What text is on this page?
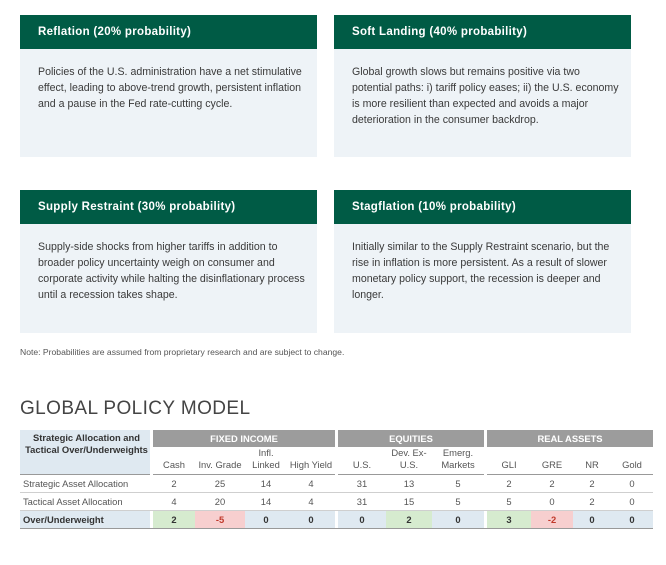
Reflation (20% probability)
Policies of the U.S. administration have a net stimulative effect, leading to above-trend growth, persistent inflation and a pause in the Fed rate-cutting cycle.
Soft Landing (40% probability)
Global growth slows but remains positive via two potential paths: i) tariff policy eases; ii) the U.S. economy is more resilient than expected and avoids a major deterioration in the consumer backdrop.
Supply Restraint (30% probability)
Supply-side shocks from higher tariffs in addition to broader policy uncertainty weigh on consumer and corporate activity while halting the disinflationary process until a recession takes shape.
Stagflation (10% probability)
Initially similar to the Supply Restraint scenario, but the rise in inflation is more persistent. As a result of slower monetary policy support, the recession is deeper and longer.
Note: Probabilities are assumed from proprietary research and are subject to change.
GLOBAL POLICY MODEL
Strategic Allocation and Tactical Over/Underweights		FIXED INCOME					EQUITIES				REAL ASSETS			
		Cash	Inv. Grade	Infl. Linked	High Yield		U.S.	Dev. Ex-U.S.	Emerg. Markets		GLI	GRE	NR	Gold
Strategic Asset Allocation		2	25	14	4		31	13	5		2	2	2	0
Tactical Asset Allocation		4	20	14	4		31	15	5		5	0	2	0
Over/Underweight		2	-5	0	0		0	2	0		3	-2	0	0
